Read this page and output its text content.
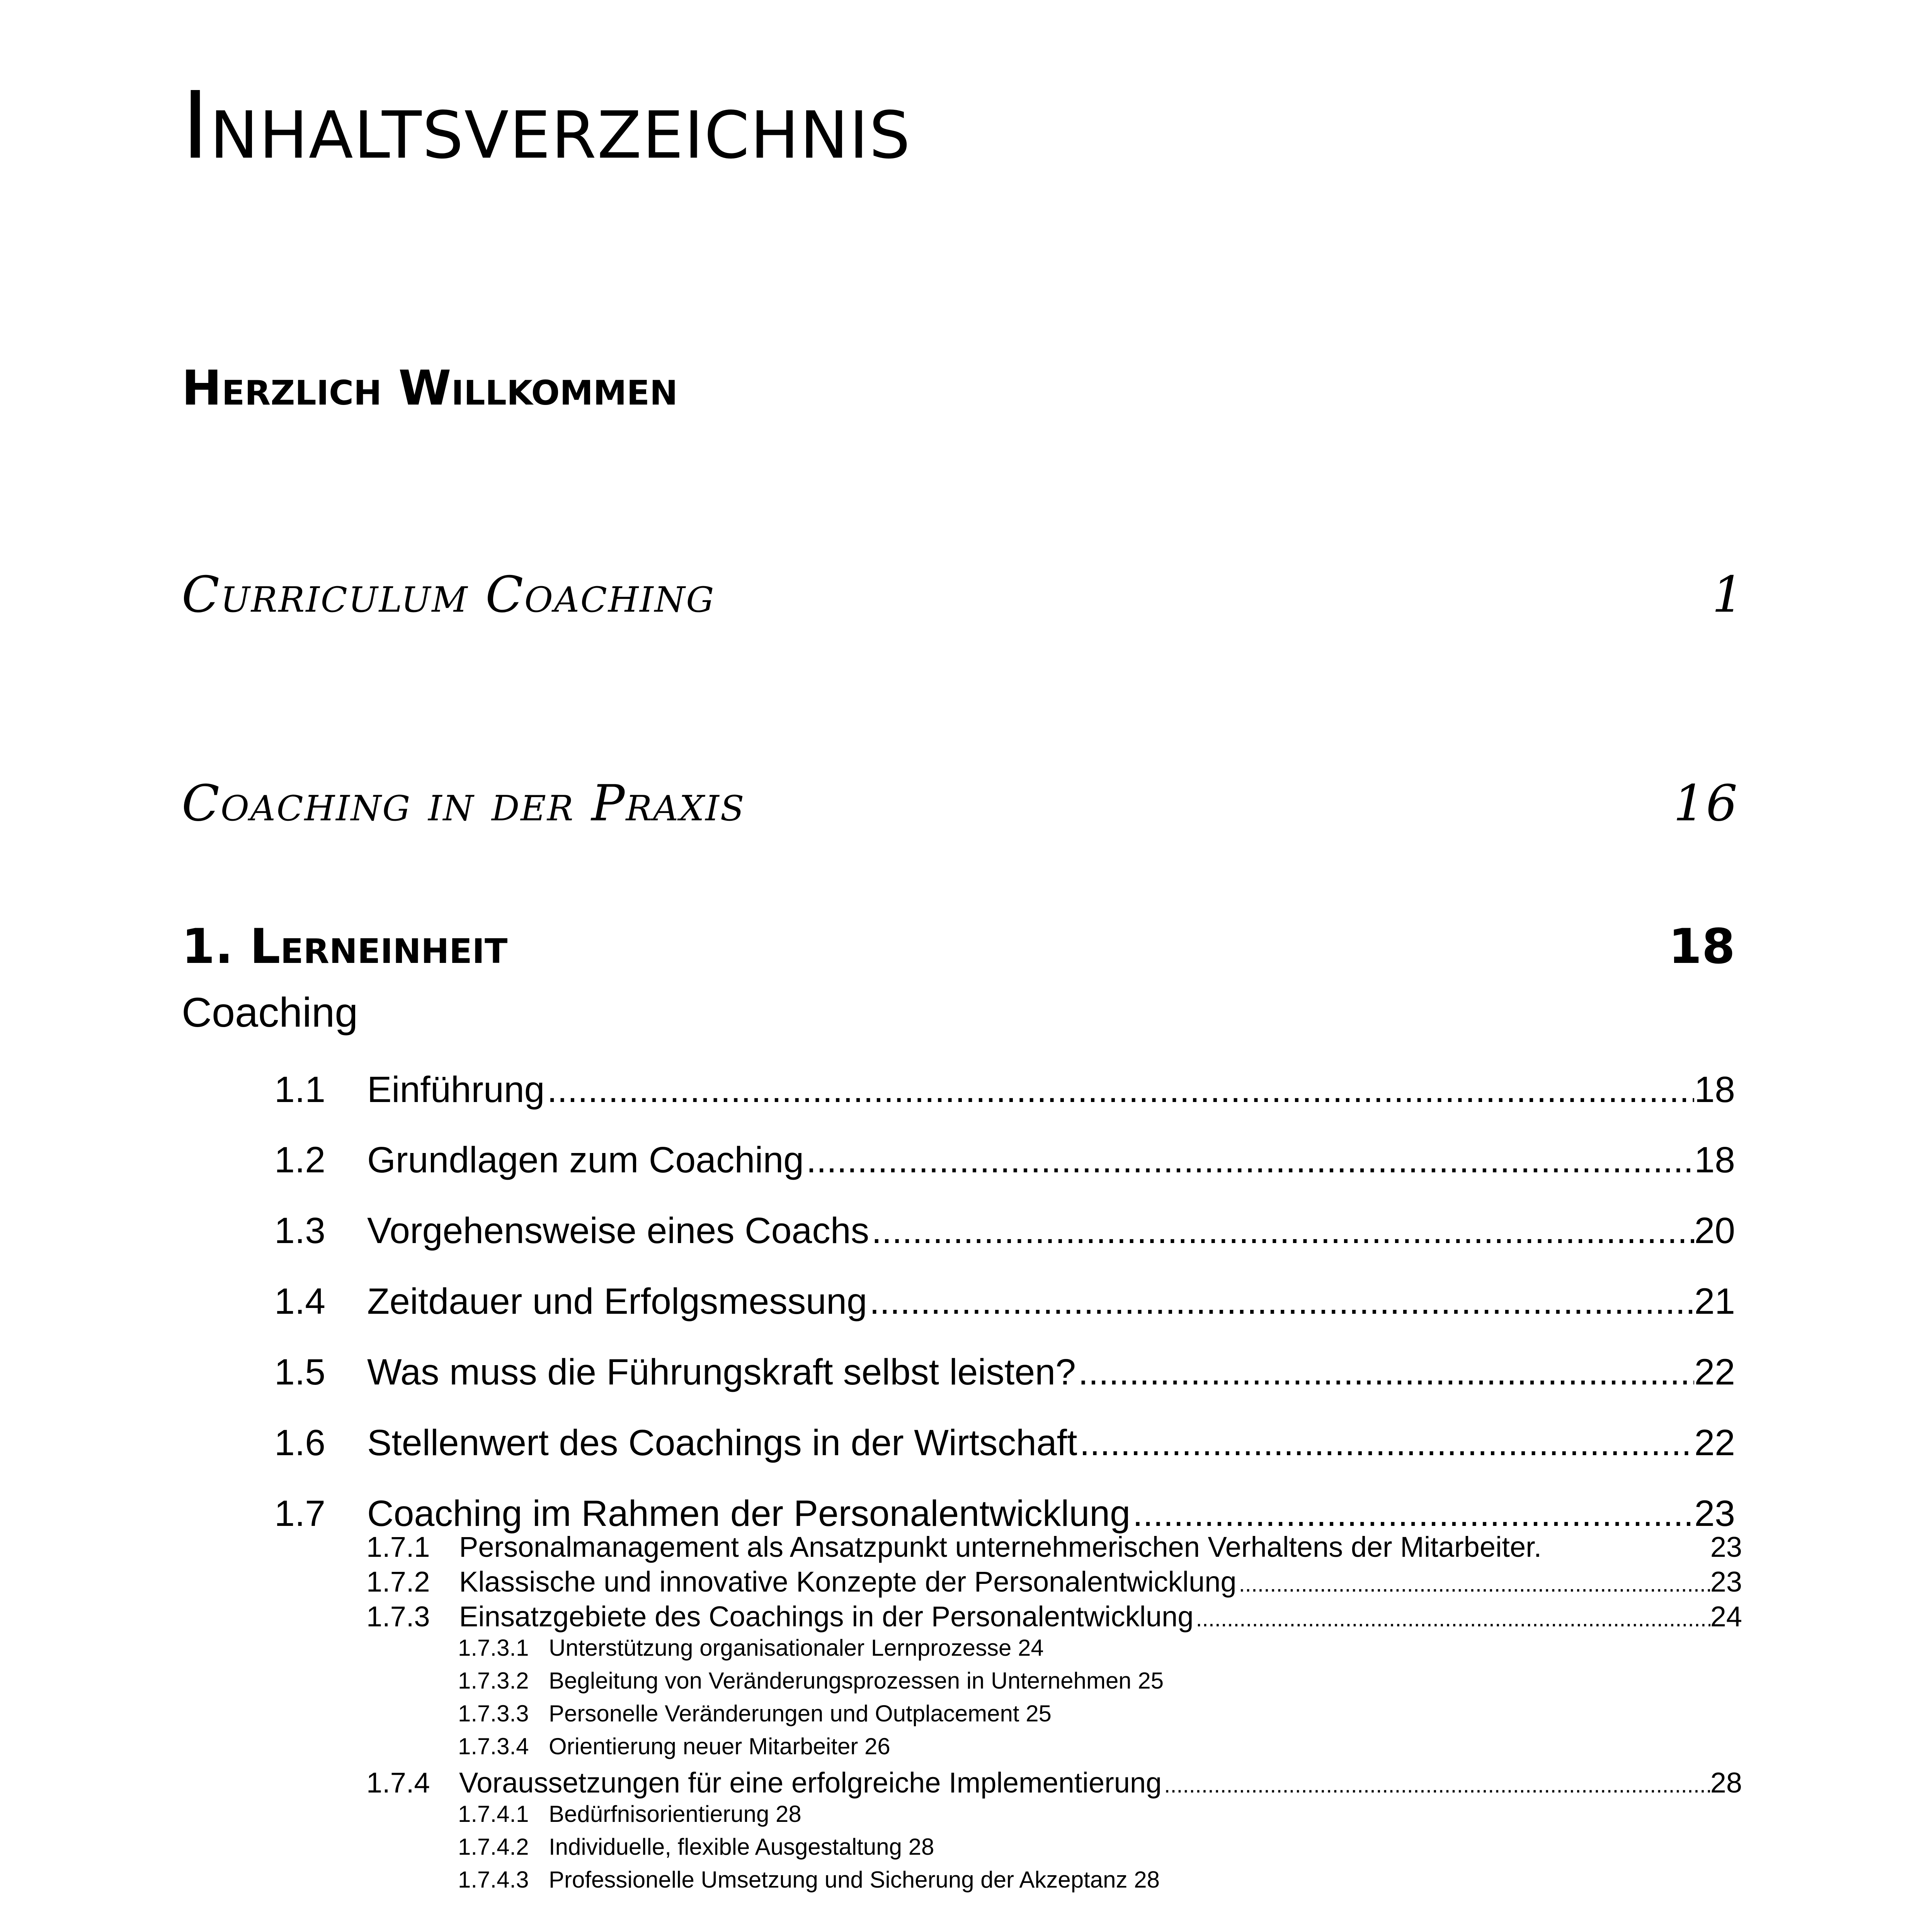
Inhaltsverzeichnis
Herzlich Willkommen
Curriculum Coaching	1
Coaching in der Praxis	16
1. Lerneinheit	18
Coaching
1.1	Einführung .....	18
1.2	Grundlagen zum Coaching .....	18
1.3	Vorgehensweise eines Coachs .....	20
1.4	Zeitdauer und Erfolgsmessung .....	21
1.5	Was muss die Führungskraft selbst leisten? .....	22
1.6	Stellenwert des Coachings in der Wirtschaft .....	22
1.7	Coaching im Rahmen der Personalentwicklung .....	23
1.7.1	Personalmanagement als Ansatzpunkt unternehmerischen Verhaltens der Mitarbeiter.	23
1.7.2	Klassische und innovative Konzepte der Personalentwicklung .....	23
1.7.3	Einsatzgebiete des Coachings in der Personalentwicklung .....	24
1.7.3.1 Unterstützung organisationaler Lernprozesse 24
1.7.3.2 Begleitung von Veränderungsprozessen in Unternehmen 25
1.7.3.3 Personelle Veränderungen und Outplacement 25
1.7.3.4 Orientierung neuer Mitarbeiter 26
1.7.4	Voraussetzungen für eine erfolgreiche Implementierung .....	28
1.7.4.1 Bedürfnisorientierung 28
1.7.4.2 Individuelle, flexible Ausgestaltung 28
1.7.4.3 Professionelle Umsetzung und Sicherung der Akzeptanz 28
